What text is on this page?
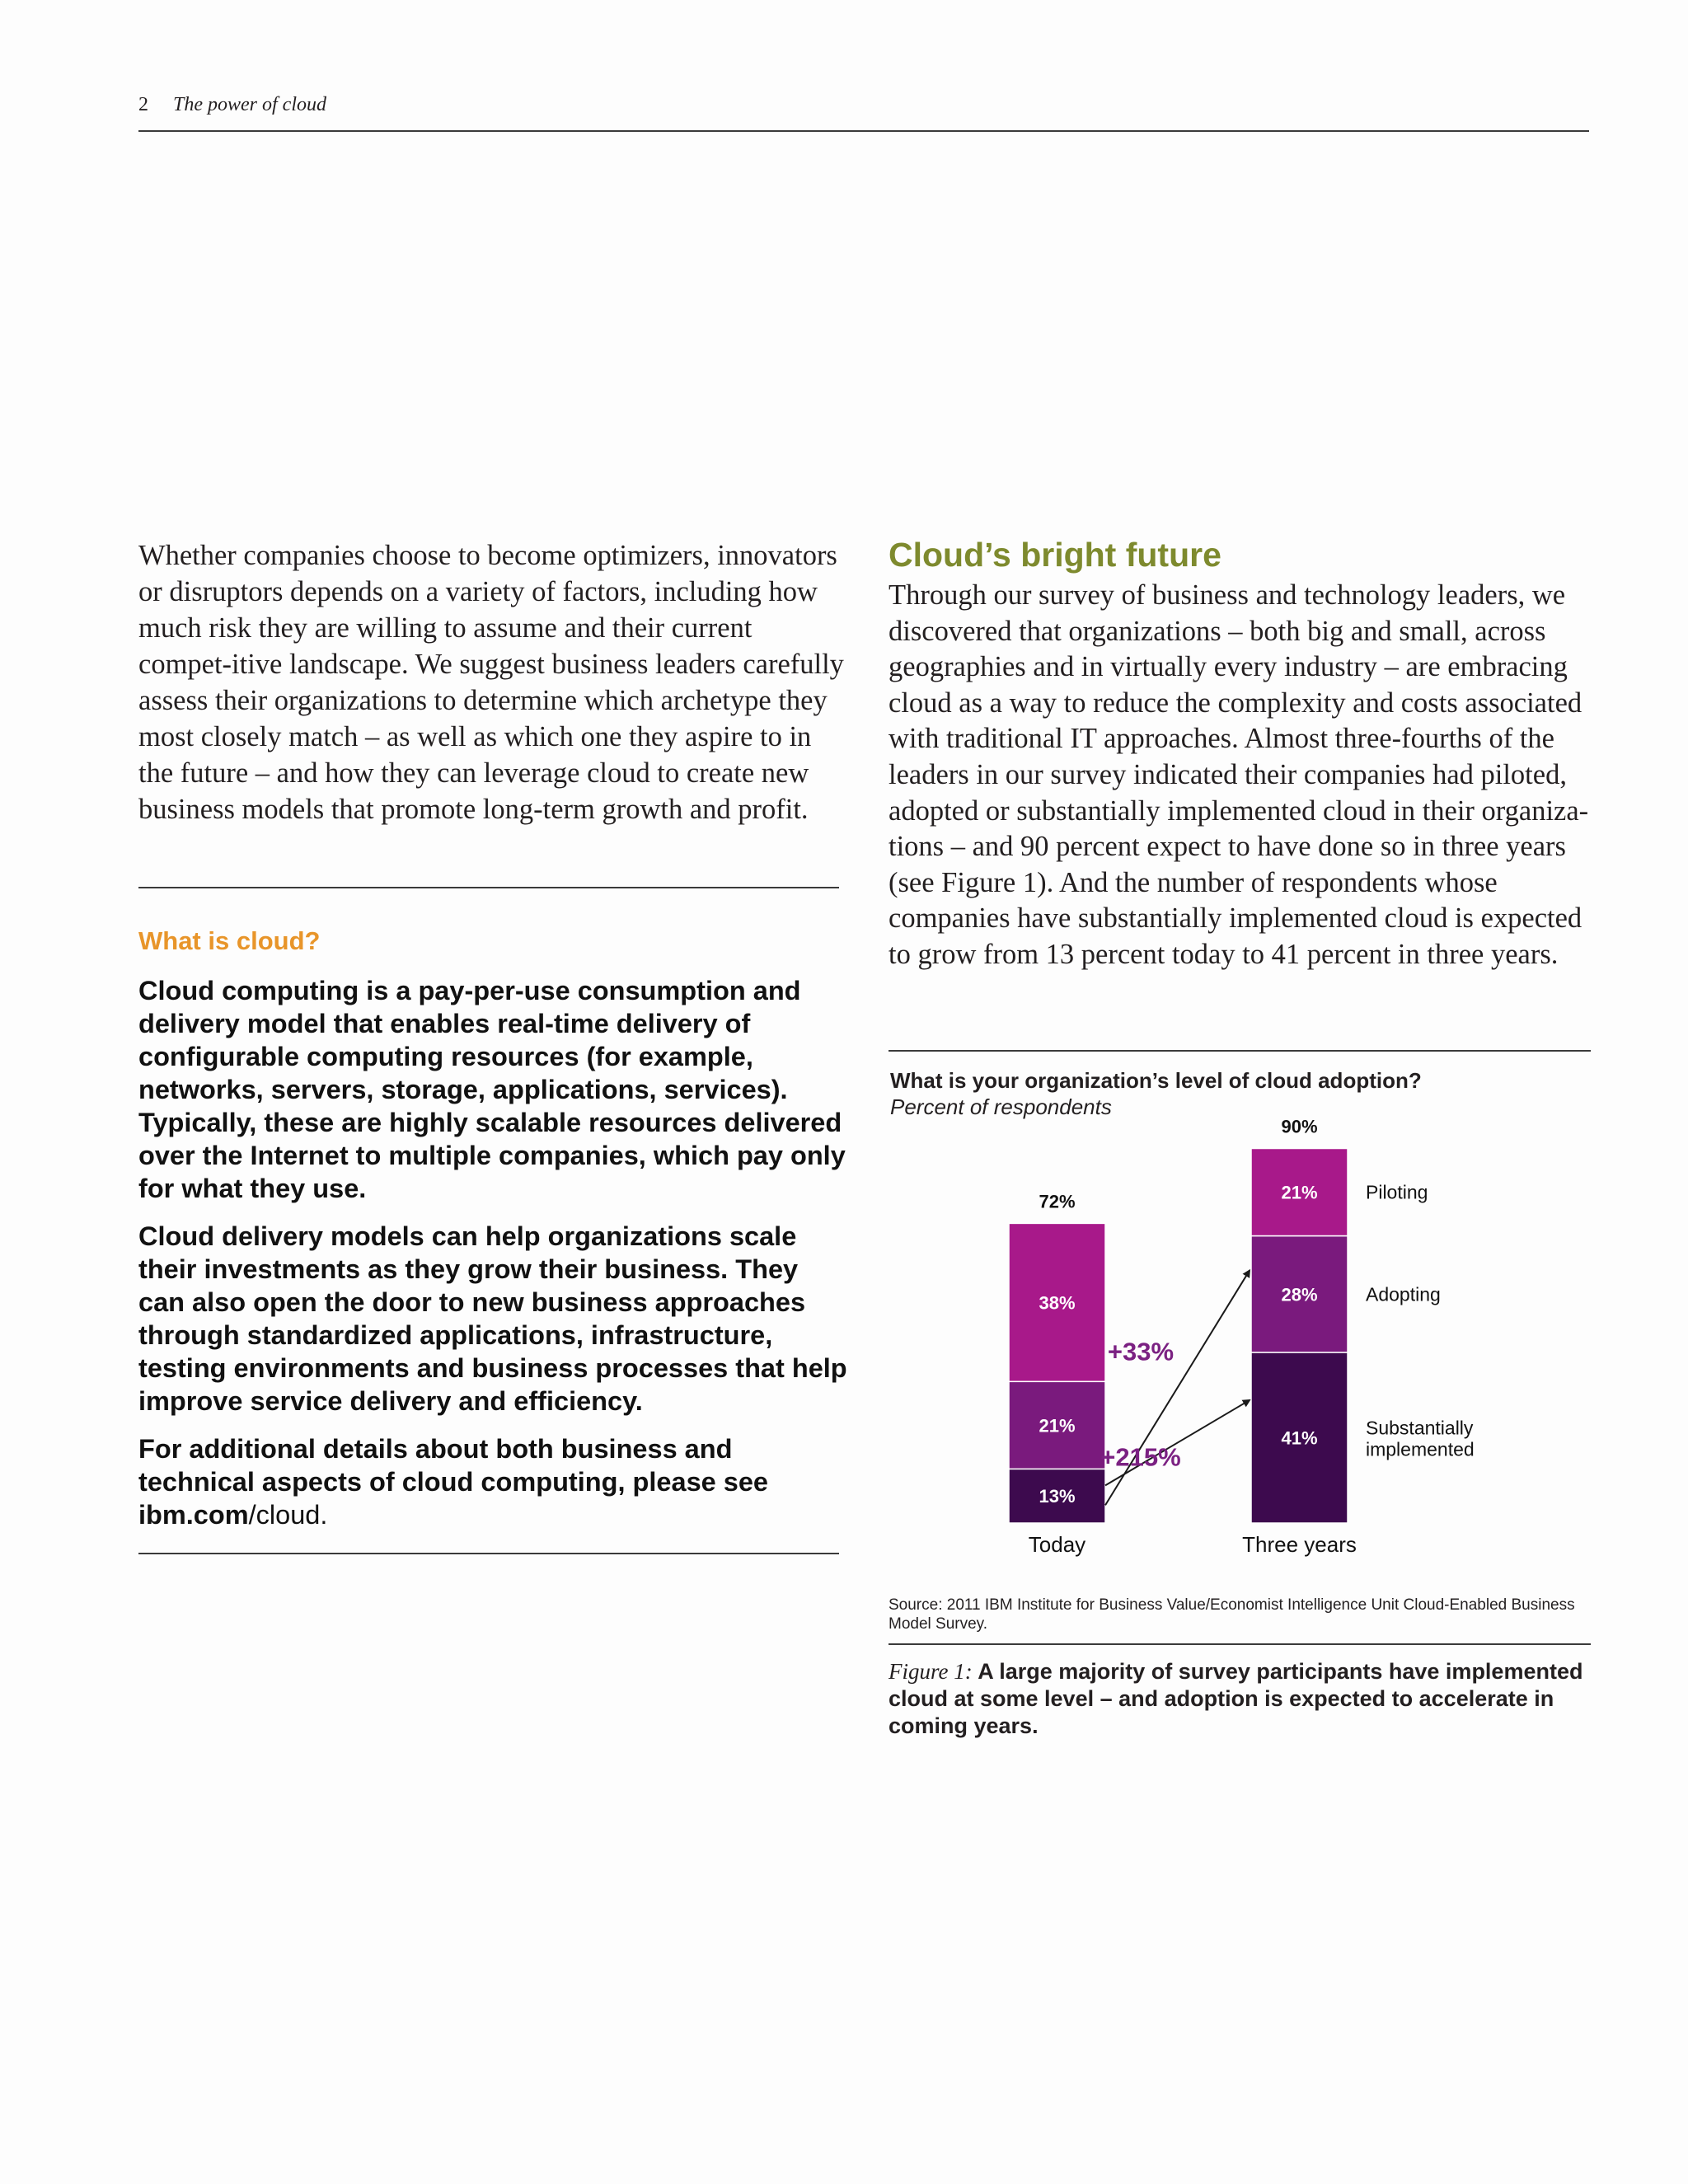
2 The power of cloud

Whether companies choose to become optimizers, innovators or disruptors depends on a variety of factors, including how much risk they are willing to assume and their current compet-itive landscape. We suggest business leaders carefully assess their organizations to determine which archetype they most closely match – as well as which one they aspire to in the future – and how they can leverage cloud to create new business models that promote long-term growth and profit.

What is cloud?

Cloud computing is a pay-per-use consumption and delivery model that enables real-time delivery of configurable computing resources (for example, networks, servers, storage, applications, services). Typically, these are highly scalable resources delivered over the Internet to multiple companies, which pay only for what they use.

Cloud delivery models can help organizations scale their investments as they grow their business. They can also open the door to new business approaches through standardized applications, infrastructure, testing environments and business processes that help improve service delivery and efficiency.

For additional details about both business and technical aspects of cloud computing, please see ibm.com/cloud.

Cloud’s bright future

Through our survey of business and technology leaders, we discovered that organizations – both big and small, across geographies and in virtually every industry – are embracing cloud as a way to reduce the complexity and costs associated with traditional IT approaches. Almost three-fourths of the leaders in our survey indicated their companies had piloted, adopted or substantially implemented cloud in their organiza-tions – and 90 percent expect to have done so in three years (see Figure 1). And the number of respondents whose companies have substantially implemented cloud is expected to grow from 13 percent today to 41 percent in three years.

What is your organization’s level of cloud adoption?
Percent of respondents
13%
21%
38%
72%
Today
41%
28%
21%
90%
Three years
Substantially implemented
Adopting
Piloting
+33%
+215%

Source: 2011 IBM Institute for Business Value/Economist Intelligence Unit Cloud-Enabled Business Model Survey.

Figure 1: A large majority of survey participants have implemented cloud at some level – and adoption is expected to accelerate in coming years.
